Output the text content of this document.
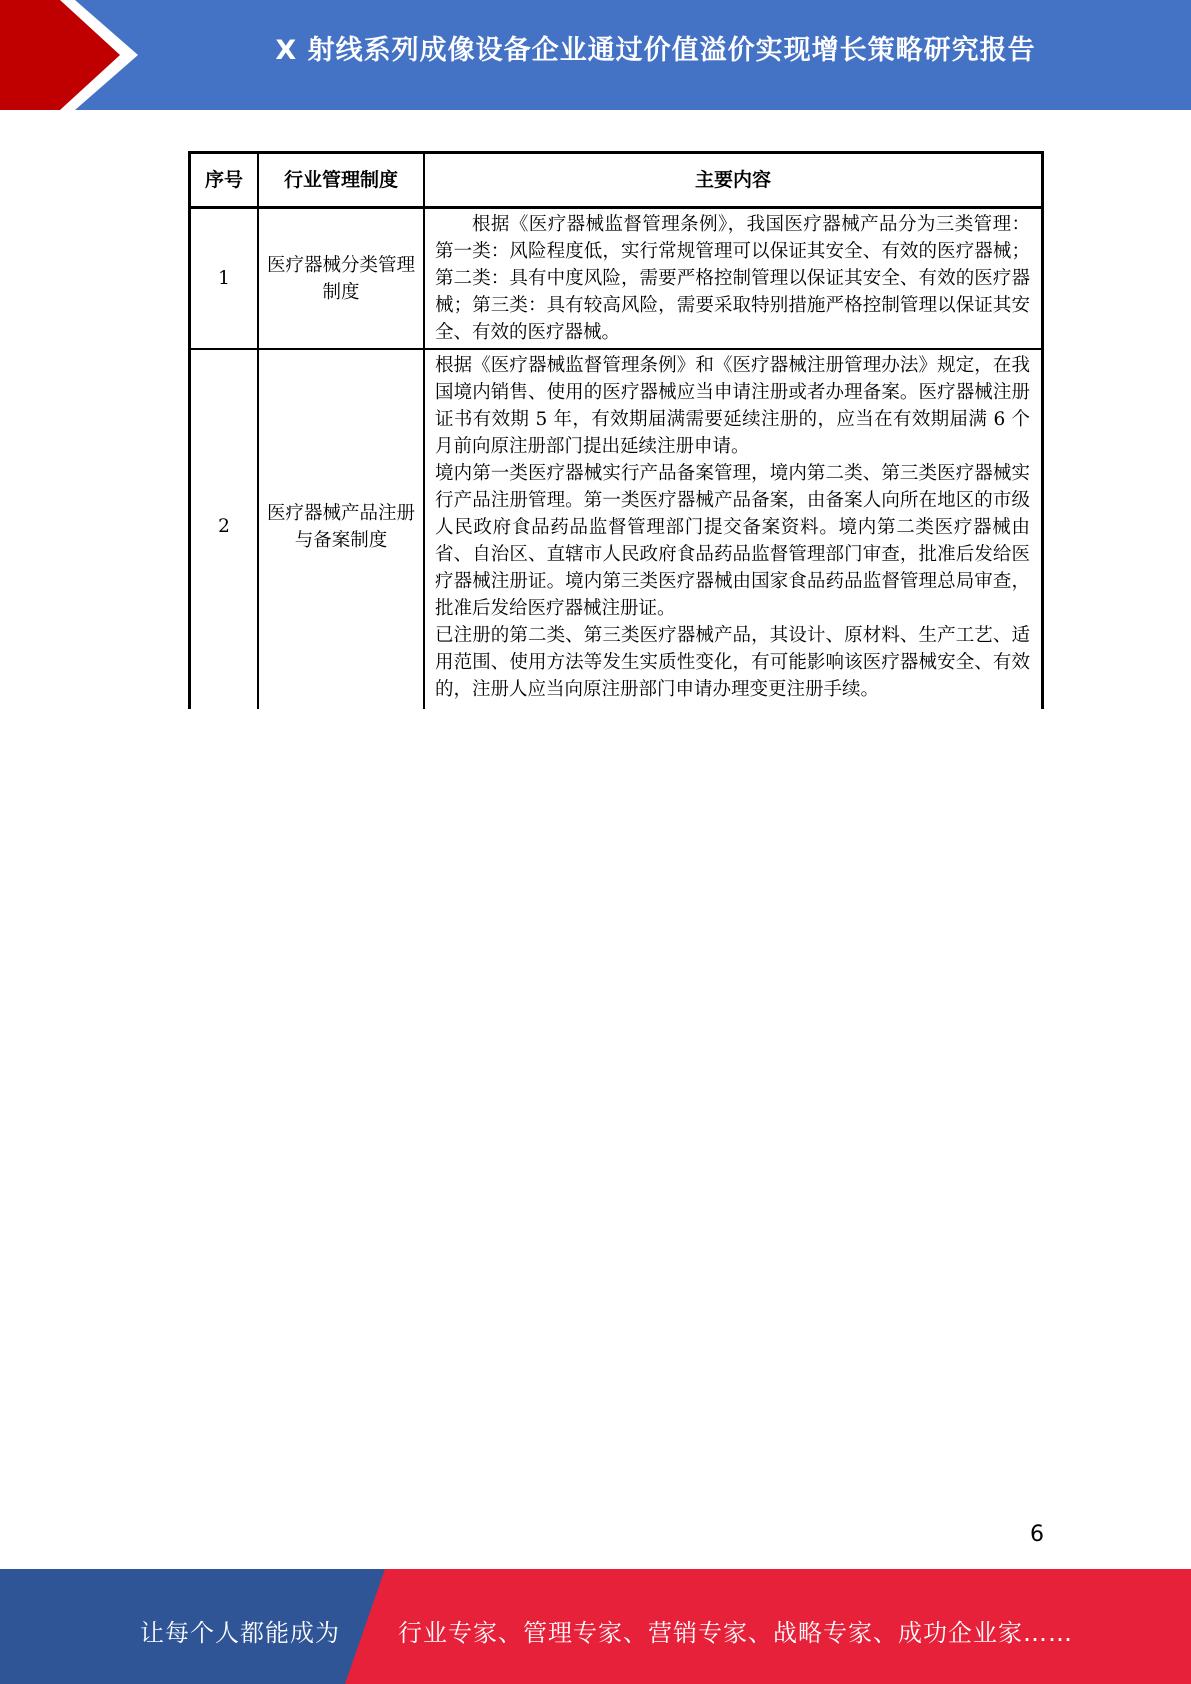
X 射线系列成像设备企业通过价值溢价实现增长策略研究报告
序号	行业管理制度	主要内容
1	医疗器械分类管理制度	根据《医疗器械监督管理条例》，我国医疗器械产品分为三类管理：第一类：风险程度低，实行常规管理可以保证其安全、有效的医疗器械；第二类：具有中度风险，需要严格控制管理以保证其安全、有效的医疗器械；第三类：具有较高风险，需要采取特别措施严格控制管理以保证其安全、有效的医疗器械。

2	医疗器械产品注册与备案制度	根据《医疗器械监督管理条例》和《医疗器械注册管理办法》规定，在我国境内销售、使用的医疗器械应当申请注册或者办理备案。医疗器械注册证书有效期 5 年，有效期届满需要延续注册的，应当在有效期届满 6 个月前向原注册部门提出延续注册申请。

境内第一类医疗器械实行产品备案管理，境内第二类、第三类医疗器械实行产品注册管理。第一类医疗器械产品备案，由备案人向所在地区的市级人民政府食品药品监督管理部门提交备案资料。境内第二类医疗器械由省、自治区、直辖市人民政府食品药品监督管理部门审查，批准后发给医疗器械注册证。境内第三类医疗器械由国家食品药品监督管理总局审查，批准后发给医疗器械注册证。

已注册的第二类、第三类医疗器械产品，其设计、原材料、生产工艺、适用范围、使用方法等发生实质性变化，有可能影响该医疗器械安全、有效的，注册人应当向原注册部门申请办理变更注册手续。

6
让每个人都能成为 行业专家、管理专家、营销专家、战略专家、成功企业家……
